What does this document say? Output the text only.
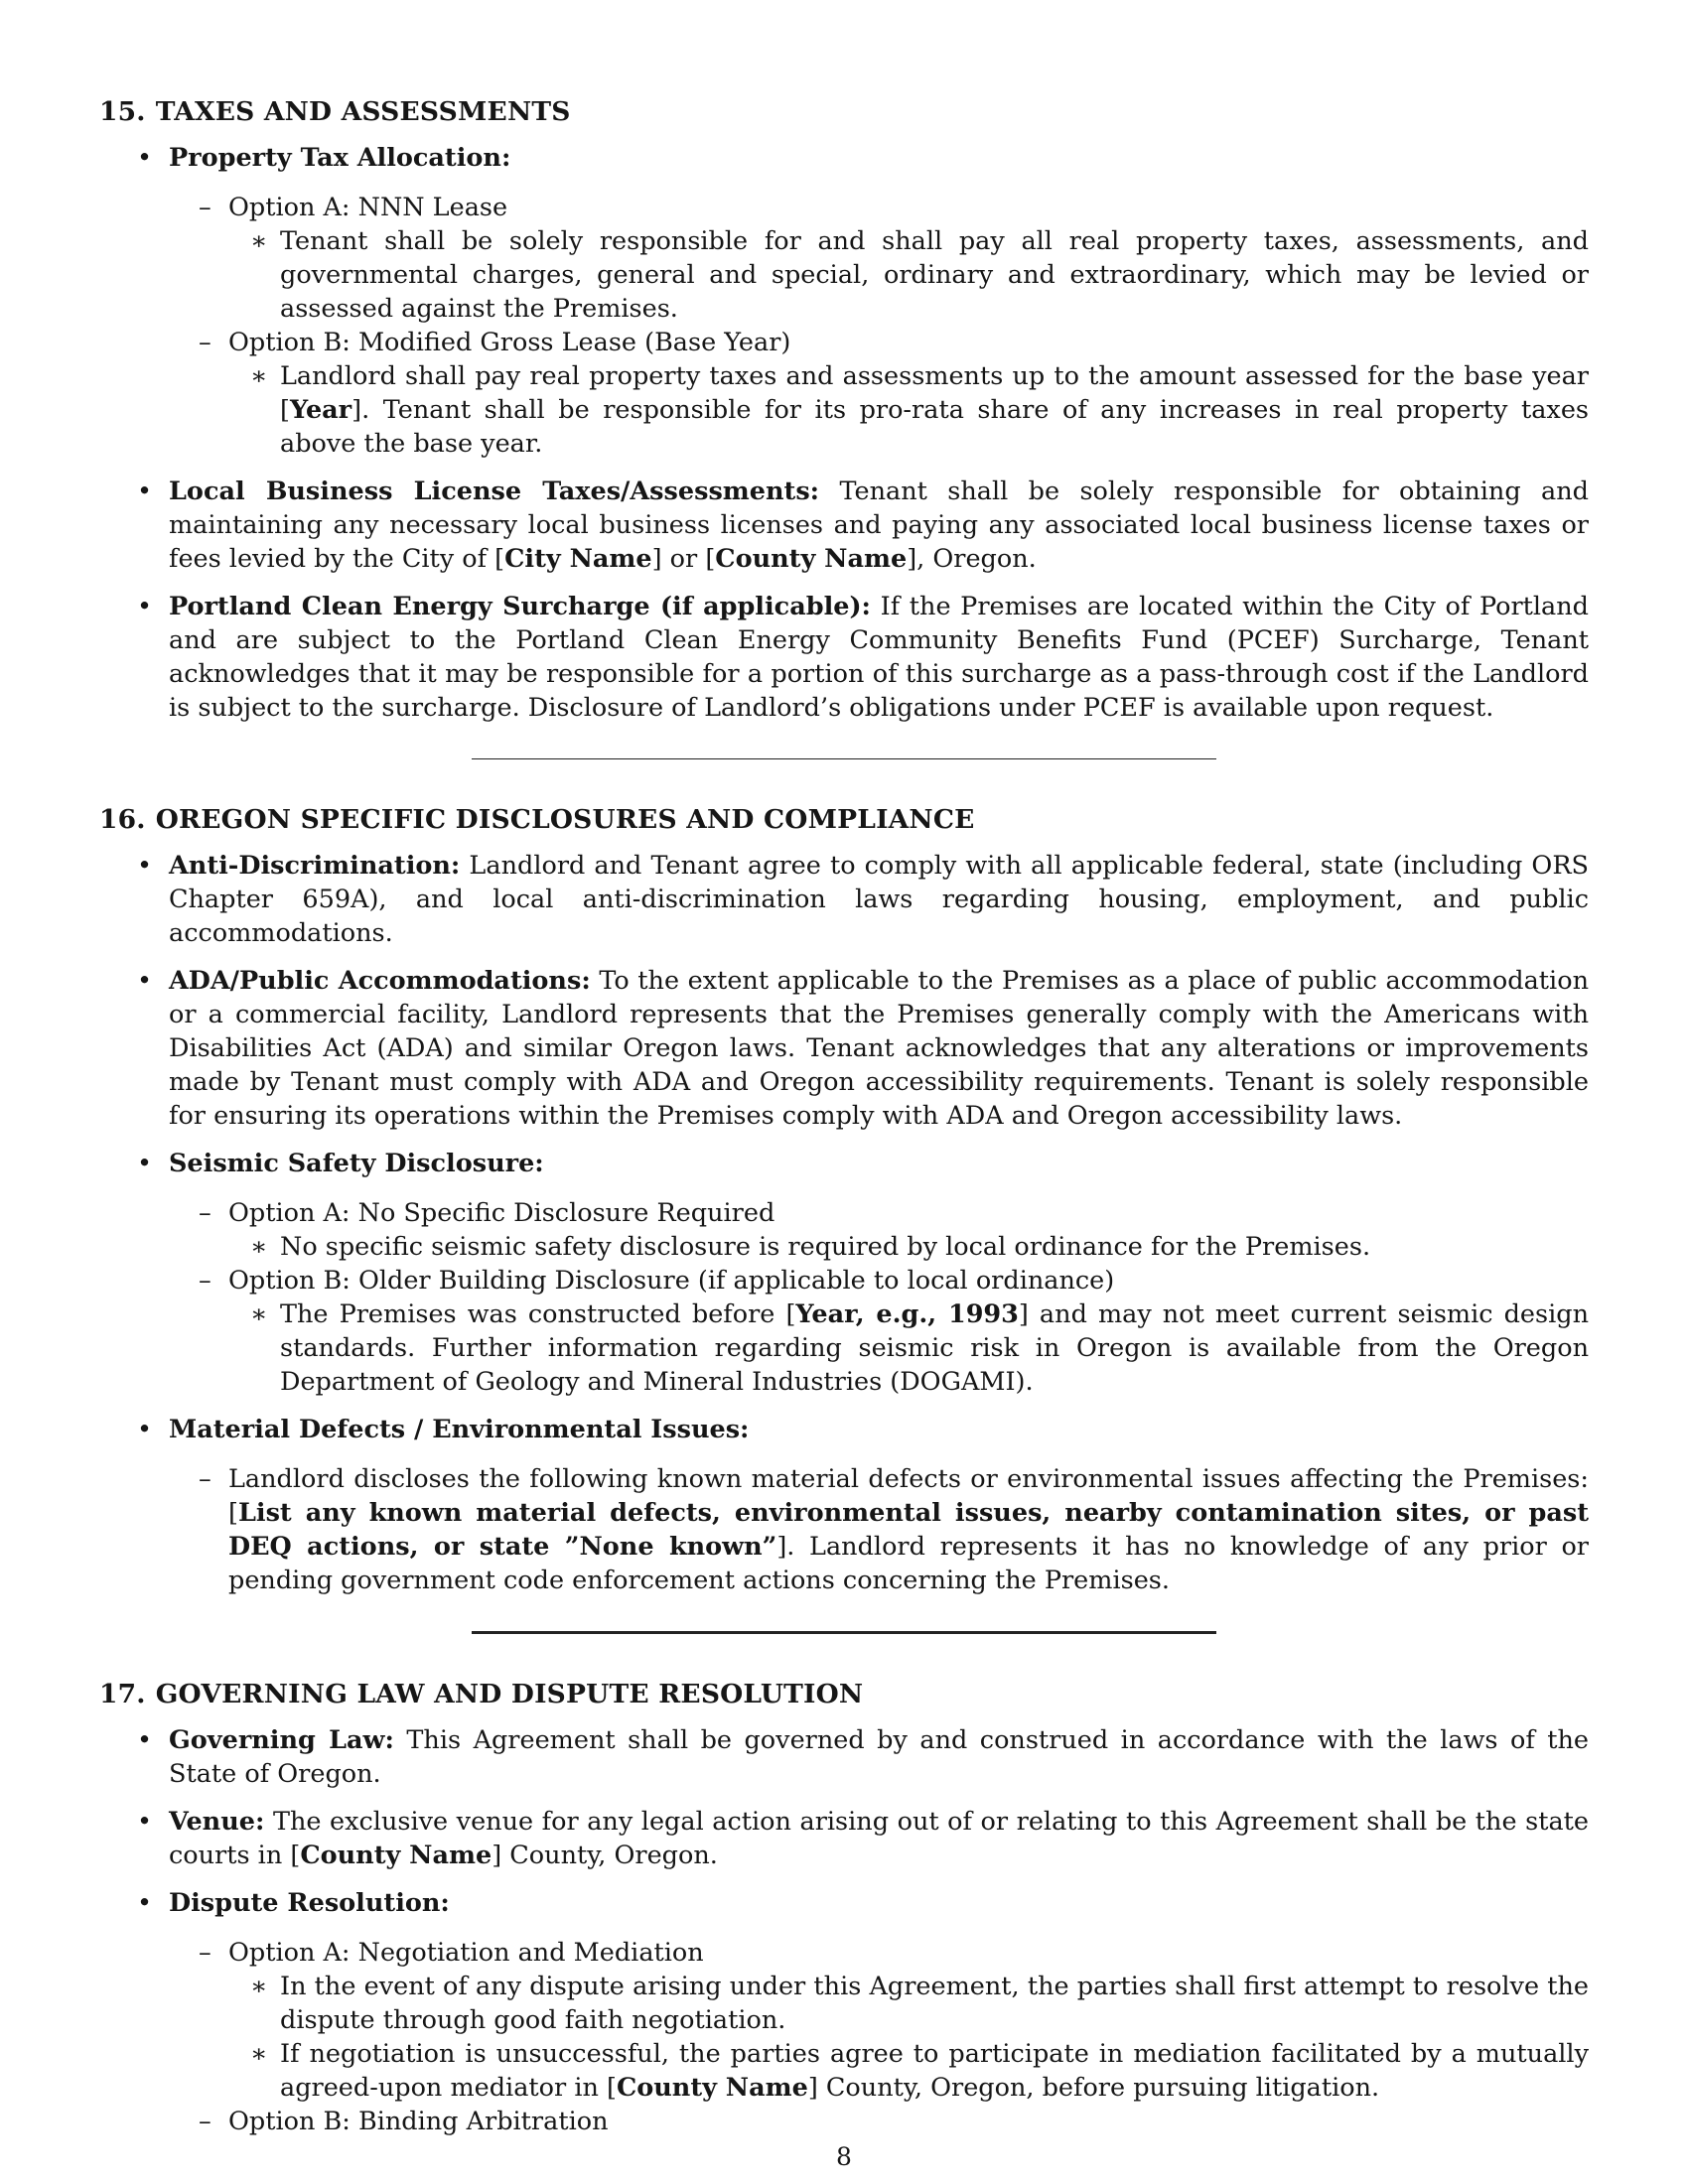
15. TAXES AND ASSESSMENTS
• Property Tax Allocation:
– Option A: NNN Lease
∗ Tenant shall be solely responsible for and shall pay all real property taxes, assessments, and governmental charges, general and special, ordinary and extraordinary, which may be levied or assessed against the Premises.
– Option B: Modified Gross Lease (Base Year)
∗ Landlord shall pay real property taxes and assessments up to the amount assessed for the base year [Year]. Tenant shall be responsible for its pro-rata share of any increases in real property taxes above the base year.
• Local Business License Taxes/Assessments: Tenant shall be solely responsible for obtaining and maintaining any necessary local business licenses and paying any associated local business license taxes or fees levied by the City of [City Name] or [County Name], Oregon.
• Portland Clean Energy Surcharge (if applicable): If the Premises are located within the City of Portland and are subject to the Portland Clean Energy Community Benefits Fund (PCEF) Surcharge, Tenant acknowledges that it may be responsible for a portion of this surcharge as a pass-through cost if the Landlord is subject to the surcharge. Disclosure of Landlord’s obligations under PCEF is available upon request.
16. OREGON SPECIFIC DISCLOSURES AND COMPLIANCE
• Anti-Discrimination: Landlord and Tenant agree to comply with all applicable federal, state (including ORS Chapter 659A), and local anti-discrimination laws regarding housing, employment, and public accommodations.
• ADA/Public Accommodations: To the extent applicable to the Premises as a place of public accommodation or a commercial facility, Landlord represents that the Premises generally comply with the Americans with Disabilities Act (ADA) and similar Oregon laws. Tenant acknowledges that any alterations or improvements made by Tenant must comply with ADA and Oregon accessibility requirements. Tenant is solely responsible for ensuring its operations within the Premises comply with ADA and Oregon accessibility laws.
• Seismic Safety Disclosure:
– Option A: No Specific Disclosure Required
∗ No specific seismic safety disclosure is required by local ordinance for the Premises.
– Option B: Older Building Disclosure (if applicable to local ordinance)
∗ The Premises was constructed before [Year, e.g., 1993] and may not meet current seismic design standards. Further information regarding seismic risk in Oregon is available from the Oregon Department of Geology and Mineral Industries (DOGAMI).
• Material Defects / Environmental Issues:
– Landlord discloses the following known material defects or environmental issues affecting the Premises: [List any known material defects, environmental issues, nearby contamination sites, or past DEQ actions, or state ”None known”]. Landlord represents it has no knowledge of any prior or pending government code enforcement actions concerning the Premises.
17. GOVERNING LAW AND DISPUTE RESOLUTION
• Governing Law: This Agreement shall be governed by and construed in accordance with the laws of the State of Oregon.
• Venue: The exclusive venue for any legal action arising out of or relating to this Agreement shall be the state courts in [County Name] County, Oregon.
• Dispute Resolution:
– Option A: Negotiation and Mediation
∗ In the event of any dispute arising under this Agreement, the parties shall first attempt to resolve the dispute through good faith negotiation.
∗ If negotiation is unsuccessful, the parties agree to participate in mediation facilitated by a mutually agreed-upon mediator in [County Name] County, Oregon, before pursuing litigation.
– Option B: Binding Arbitration
8
